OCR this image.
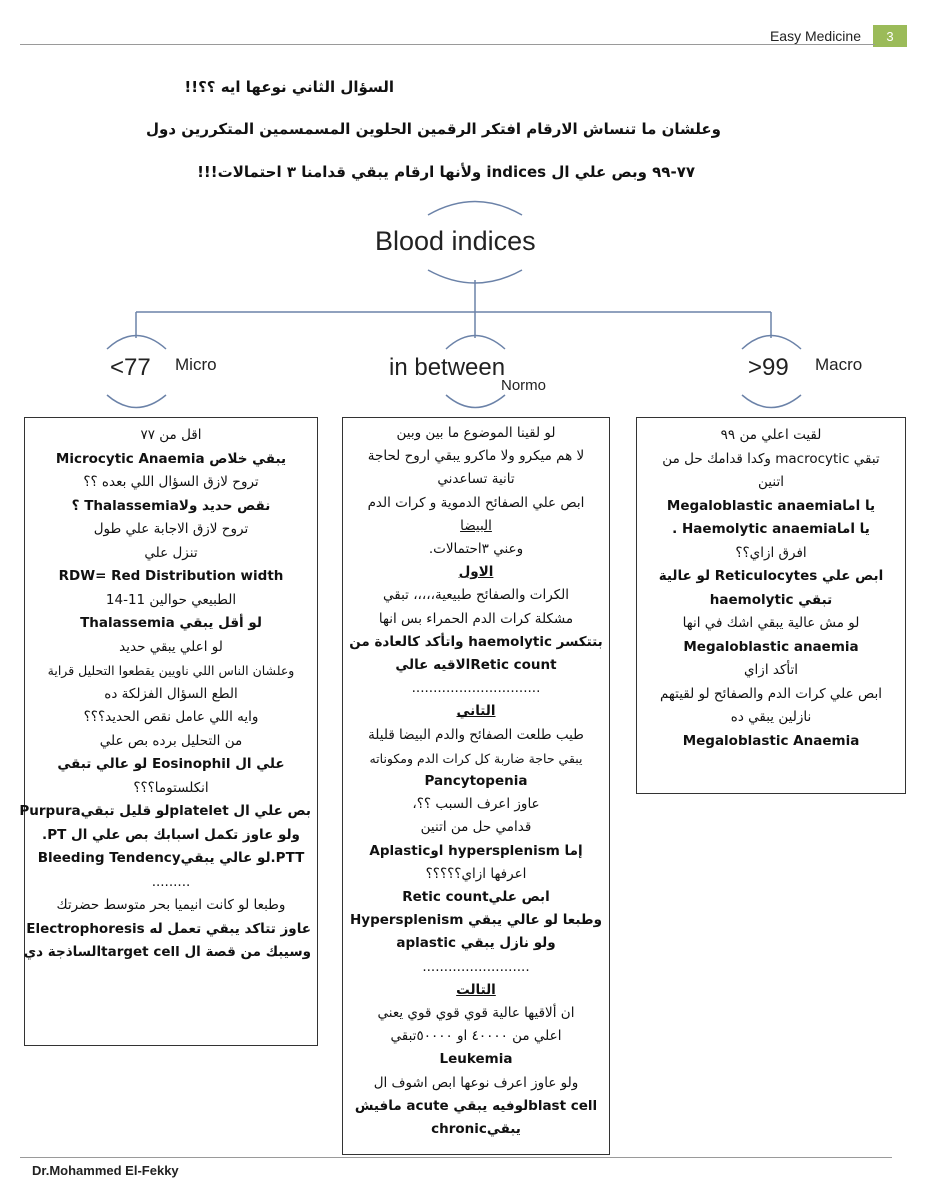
Easy Medicine	3
السؤال الثاني نوعها ايه ؟؟!!
وعلشان ما تنساش الارقام افتكر الرقمين الحلوين المسمسمين المتكررين دول
٧٧-٩٩ وبص علي ال indices ولأنها ارقام يبقي قدامنا ٣ احتمالات!!!
Blood indices
<77 Micro	in between
Normo
>99 Macro
اقل من ٧٧
يبقي خلاص Microcytic Anaemia
تروح لازق السؤال اللي بعده ؟؟
نقص حديد ولاThalassemia ؟
تروح لازق الاجابة علي طول
تنزل علي
RDW= Red Distribution width
الطبيعي حوالين 11-14
لو أقل يبقي Thalassemia
لو اعلي يبقي حديد
وعلشان الناس اللي ناويين يقطعوا التحليل قراية
الطع السؤال الفزلكة ده
وايه اللي عامل نقص الحديد؟؟؟
من التحليل برده بص علي
علي ال Eosinophil لو عالي تبقي
انكلستوما؟؟؟
بص علي ال plateletلو قليل تبقيPurpura
ولو عاوز تكمل اسبابك بص علي ال PT.
PTT.لو عالي يبقيBleeding Tendency
.........
وطبعا لو كانت انيميا بحر متوسط حضرتك
عاوز تتاكد يبقي تعمل له Electrophoresis
وسيبك من قصة ال target cellالساذجة دي
لو لقينا الموضوع ما بين وبين
لا هم ميكرو ولا ماكرو يبقي اروح لحاجة
تانية تساعدني
ابص علي الصفائح الدموية و كرات الدم
البيضا
وعني ٣احتمالات.
الاول
الكرات والصفائح طبيعية،،،،، تبقي
مشكلة كرات الدم الحمراء بس انها
بتتكسر haemolytic واتأكد كالعادة من
Retic countالاقيه عالي
..............................
التاني
طيب طلعت الصفائح والدم البيضا قليلة
يبقي حاجة ضاربة كل كرات الدم ومكوناته
Pancytopenia
عاوز اعرف السبب ؟؟،
قدامي حل من اتنين
إما hypersplenism اوAplastic
اعرفها ازاي؟؟؟؟؟
ابص عليRetic count
وطبعا لو عالي يبقي Hypersplenism
ولو نازل يبقي aplastic
.........................
التالت
ان ألاقيها عالية قوي قوي قوي يعني
اعلي من ٤٠٠٠٠ او ٥٠٠٠٠تبقي
Leukemia
ولو عاوز اعرف نوعها ابص اشوف ال
blast cellلوفيه يبقي acute مافيش
يبقيchronic
لقيت اعلي من ٩٩
تبقي macrocytic وكدا قدامك حل من
اتنين
يا اماMegaloblastic anaemia
يا اماHaemolytic anaemia .
افرق ازاي؟؟
ابص علي Reticulocytes لو عالية
تبقي haemolytic
لو مش عالية يبقي اشك في انها
Megaloblastic anaemia
اتأكد ازاي
ابص علي كرات الدم والصفائح لو لقيتهم
نازلين يبقي ده
Megaloblastic Anaemia
Dr.Mohammed El-Fekky
